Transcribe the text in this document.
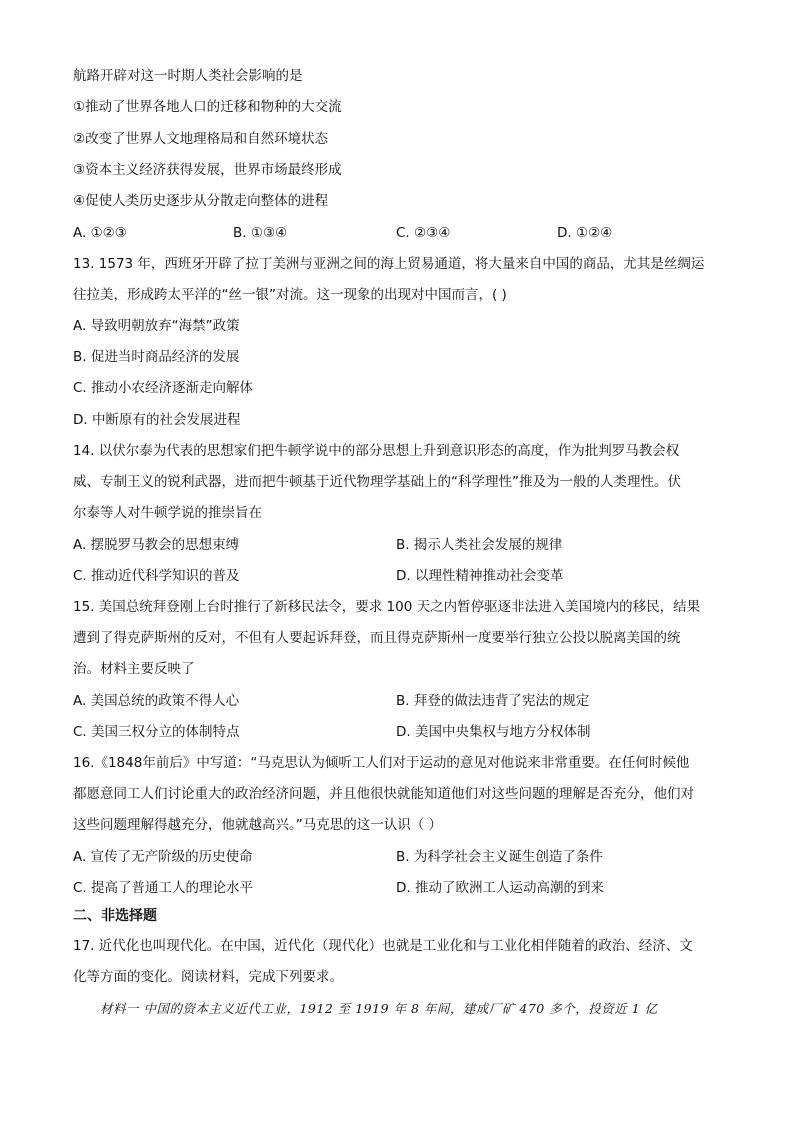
航路开辟对这一时期人类社会影响的是
①推动了世界各地人口的迁移和物种的大交流
②改变了世界人文地理格局和自然环境状态
③资本主义经济获得发展，世界市场最终形成
④促使人类历史逐步从分散走向整体的进程
A. ①②③	B. ①③④	C. ②③④	D. ①②④
13. 1573 年，西班牙开辟了拉丁美洲与亚洲之间的海上贸易通道，将大量来自中国的商品，尤其是丝绸运
往拉美，形成跨太平洋的“丝一银”对流。这一现象的出现对中国而言，( )
A. 导致明朝放弃“海禁”政策
B. 促进当时商品经济的发展
C. 推动小农经济逐渐走向解体
D. 中断原有的社会发展进程
14. 以伏尔泰为代表的思想家们把牛顿学说中的部分思想上升到意识形态的高度，作为批判罗马教会权
威、专制王义的锐利武器，进而把牛顿基于近代物理学基础上的“科学理性”推及为一般的人类理性。伏
尔泰等人对牛顿学说的推崇旨在
A. 摆脱罗马教会的思想束缚	B. 揭示人类社会发展的规律
C. 推动近代科学知识的普及	D. 以理性精神推动社会变革
15. 美国总统拜登刚上台时推行了新移民法令，要求 100 天之内暂停驱逐非法进入美国境内的移民，结果
遭到了得克萨斯州的反对，不但有人要起诉拜登，而且得克萨斯州一度要举行独立公投以脱离美国的统
治。材料主要反映了
A. 美国总统的政策不得人心	B. 拜登的做法违背了宪法的规定
C. 美国三权分立的体制特点	D. 美国中央集权与地方分权体制
16.《1848年前后》中写道：“马克思认为倾听工人们对于运动的意见对他说来非常重要。在任何时候他
都愿意同工人们讨论重大的政治经济问题，并且他很快就能知道他们对这些问题的理解是否充分，他们对
这些问题理解得越充分，他就越高兴。”马克思的这一认识（ ）
A. 宣传了无产阶级的历史使命	B. 为科学社会主义诞生创造了条件
C. 提高了普通工人的理论水平	D. 推动了欧洲工人运动高潮的到来
二、非选择题
17. 近代化也叫现代化。在中国，近代化（现代化）也就是工业化和与工业化相伴随着的政治、经济、文
化等方面的变化。阅读材料，完成下列要求。
材料一 中国的资本主义近代工业，1912 至 1919 年 8 年间，建成厂矿 470 多个，投资近 1 亿
